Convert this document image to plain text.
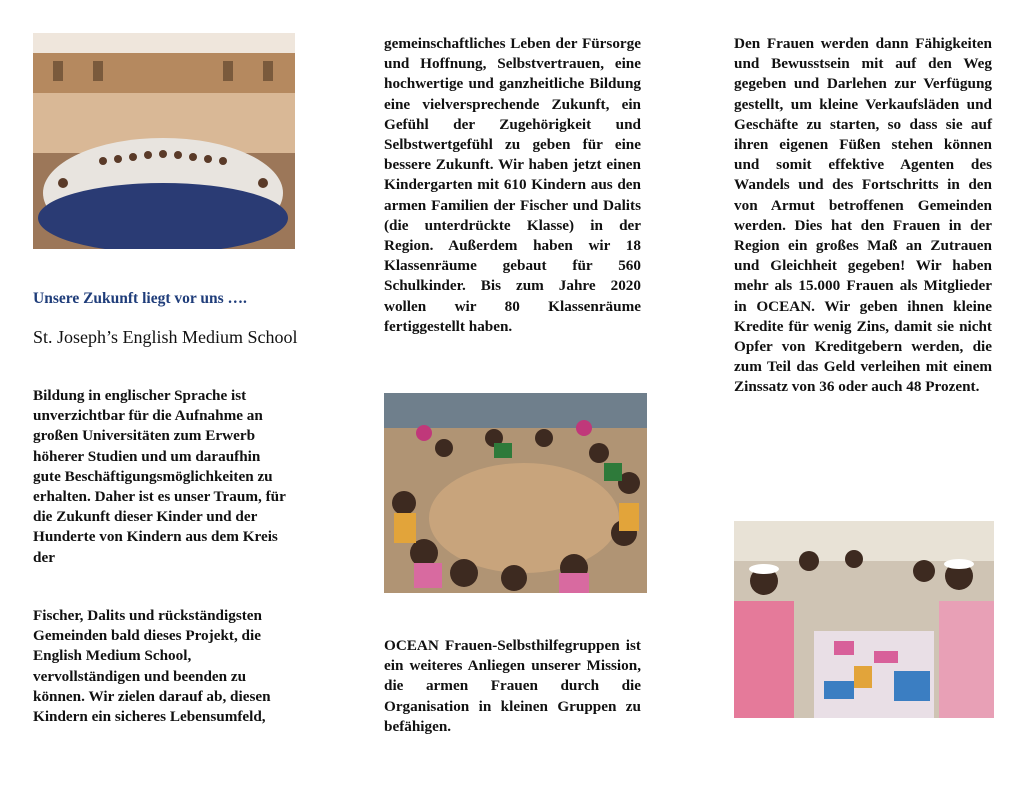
Unsere Zukunft liegt vor uns ….
St. Joseph’s English Medium School

Bildung in englischer Sprache ist unverzichtbar für die Aufnahme an großen Universitäten zum Erwerb höherer Studien und um daraufhin gute Beschäftigungsmöglichkeiten zu erhalten. Daher ist es unser Traum, für die Zukunft dieser Kinder und der Hunderte von Kindern aus dem Kreis der

Fischer, Dalits und rückständigsten Gemeinden bald dieses Projekt, die English Medium School, vervollständigen und beenden zu können. Wir zielen darauf ab, diesen Kindern ein sicheres Lebensumfeld,

gemeinschaftliches Leben der Fürsorge und Hoffnung, Selbstvertrauen, eine hochwertige und ganzheitliche Bildung eine vielversprechende Zukunft, ein Gefühl der Zugehörigkeit und Selbstwertgefühl zu geben für eine bessere Zukunft. Wir haben jetzt einen Kindergarten mit 610 Kindern aus den armen Familien der Fischer und Dalits (die unterdrückte Klasse) in der Region. Außerdem haben wir 18 Klassenräume gebaut für 560 Schulkinder. Bis zum Jahre 2020 wollen wir 80 Klassenräume fertiggestellt haben.

OCEAN Frauen-Selbsthilfegruppen ist ein weiteres Anliegen unserer Mission, die armen Frauen durch die Organisation in kleinen Gruppen zu befähigen.

Den Frauen werden dann Fähigkeiten und Bewusstsein mit auf den Weg gegeben und Darlehen zur Verfügung gestellt, um kleine Verkaufsläden und Geschäfte zu starten, so dass sie auf ihren eigenen Füßen stehen können und somit effektive Agenten des Wandels und des Fortschritts in den von Armut betroffenen Gemeinden werden. Dies hat den Frauen in der Region ein großes Maß an Zutrauen und Gleichheit gegeben! Wir haben mehr als 15.000 Frauen als Mitglieder in OCEAN. Wir geben ihnen kleine Kredite für wenig Zins, damit sie nicht Opfer von Kreditgebern werden, die zum Teil das Geld verleihen mit einem Zinssatz von 36 oder auch 48 Prozent.
